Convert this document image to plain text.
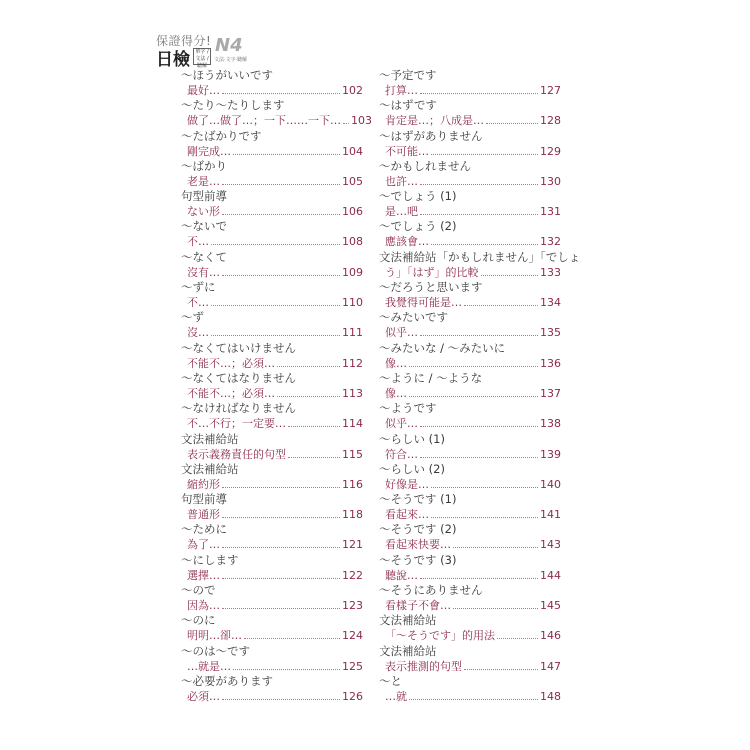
保證得分!
日檢	單字 / 文法 / 聽解
N4
文法·文字·聽解
～ほうがいいです
最好…	102
～たり～たりします
做了…做了…；一下……一下… 103
～たばかりです
剛完成…	104
～ばかり
老是…	105
句型前導
ない形	106
～ないで
不…	108
～なくて
沒有…	109
～ずに
不…	110
～ず
沒…	111
～なくてはいけません
不能不…；必須…	112
～なくてはなりません
不能不…；必須…	113
～なければなりません
不…不行；一定要…	114
文法補給站
表示義務責任的句型	115
文法補給站
縮約形	116
句型前導
普通形	118
～ために
為了…	121
～にします
選擇…	122
～ので
因為…	123
～のに
明明…卻…	124
～のは～です
…就是…	125
～必要があります
必須…	126
～予定です
打算…	127
～はずです
肯定是…；八成是…	128
～はずがありません
不可能…	129
～かもしれません
也許…	130
～でしょう (1)
是…吧	131
～でしょう (2)
應該會…	132
文法補給站「かもしれません」「でしょ
う」「はず」的比較	133
～だろうと思います
我覺得可能是…	134
～みたいです
似乎…	135
～みたいな / ～みたいに
像…	136
～ように / ～ような
像…	137
～ようです
似乎…	138
～らしい (1)
符合…	139
～らしい (2)
好像是…	140
～そうです (1)
看起來…	141
～そうです (2)
看起來快要…	143
～そうです (3)
聽說…	144
～そうにありません
看樣子不會…	145
文法補給站
「～そうです」的用法	146
文法補給站
表示推測的句型	147
～と
…就	148
